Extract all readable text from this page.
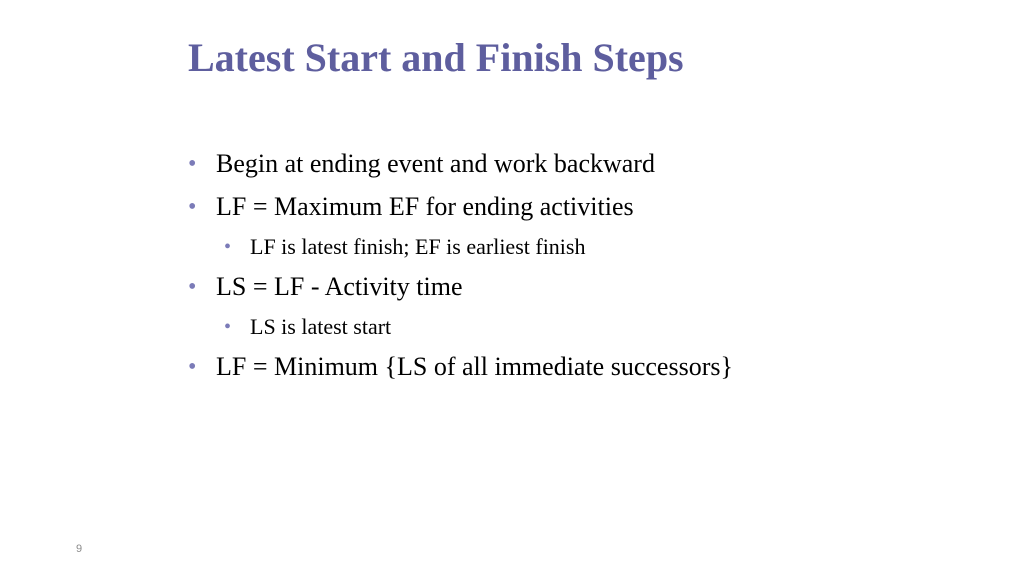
Latest Start and Finish Steps
• Begin at ending event and work backward
• LF = Maximum EF for ending activities
• LF is latest finish; EF is earliest finish
• LS = LF - Activity time
• LS is latest start
• LF = Minimum {LS of all immediate successors}
9
